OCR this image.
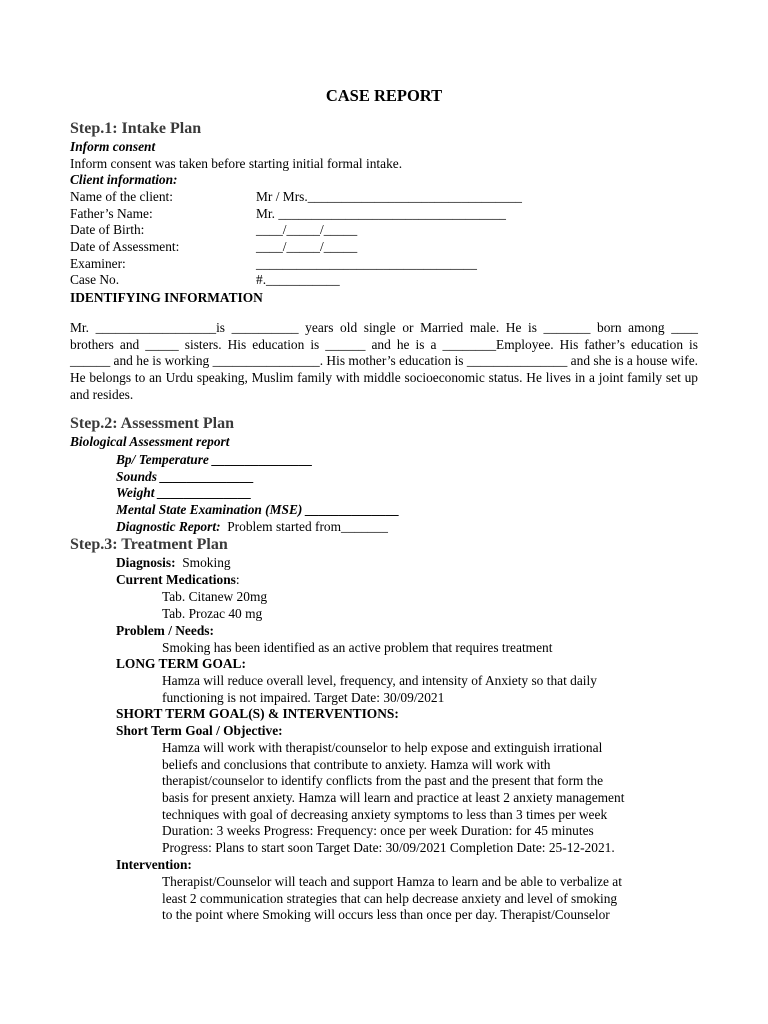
CASE REPORT
Step.1: Intake Plan
Inform consent
Inform consent was taken before starting initial formal intake.
Client information:
Name of the client:	Mr / Mrs.________________________________
Father’s Name:	Mr. __________________________________
Date of Birth:	____/_____/_____
Date of Assessment:	____/_____/_____
Examiner:	_________________________________
Case No.	#.___________
IDENTIFYING INFORMATION

Mr. __________________is __________ years old single or Married male. He is _______ born among ____ brothers and _____ sisters. His education is ______ and he is a ________Employee. His father’s education is ______ and he is working ________________. His mother’s education is _______________ and she is a house wife. He belongs to an Urdu speaking, Muslim family with middle socioeconomic status. He lives in a joint family set up and resides.

Step.2: Assessment Plan
Biological Assessment report
Bp/ Temperature _______________
Sounds ______________
Weight ______________
Mental State Examination (MSE) ______________
Diagnostic Report:  Problem started from_______
Step.3: Treatment Plan
Diagnosis:  Smoking
Current Medications:
Tab. Citanew 20mg
Tab. Prozac 40 mg
Problem / Needs:
Smoking has been identified as an active problem that requires treatment
LONG TERM GOAL:
Hamza will reduce overall level, frequency, and intensity of Anxiety so that daily
functioning is not impaired. Target Date: 30/09/2021
SHORT TERM GOAL(S) & INTERVENTIONS:
Short Term Goal / Objective:
Hamza will work with therapist/counselor to help expose and extinguish irrational
beliefs and conclusions that contribute to anxiety. Hamza will work with
therapist/counselor to identify conflicts from the past and the present that form the
basis for present anxiety. Hamza will learn and practice at least 2 anxiety management
techniques with goal of decreasing anxiety symptoms to less than 3 times per week
Duration: 3 weeks Progress: Frequency: once per week Duration: for 45 minutes
Progress: Plans to start soon Target Date: 30/09/2021 Completion Date: 25-12-2021.
Intervention:
Therapist/Counselor will teach and support Hamza to learn and be able to verbalize at
least 2 communication strategies that can help decrease anxiety and level of smoking
to the point where Smoking will occurs less than once per day. Therapist/Counselor
